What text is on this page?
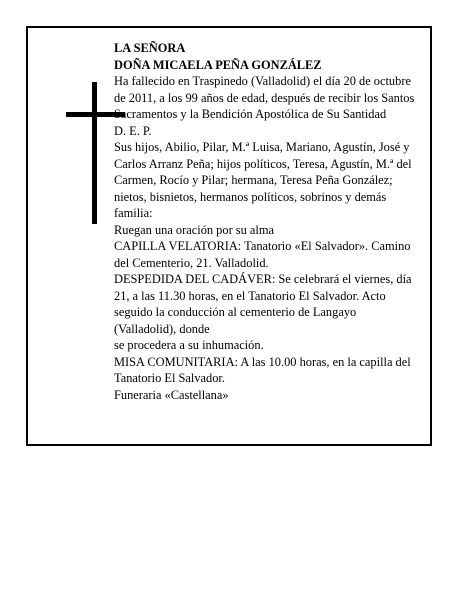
LA SEÑORA

DOÑA MICAELA PEÑA GONZÁLEZ

Ha fallecido en Traspinedo (Valladolid) el día 20 de octubre de 2011, a los 99 años de edad, después de recibir los Santos Sacramentos y la Bendición Apostólica de Su Santidad

D. E. P.

Sus hijos, Abilio, Pilar, M.ª Luisa, Mariano, Agustín, José y Carlos Arranz Peña; hijos políticos, Teresa, Agustín, M.ª del Carmen, Rocío y Pilar; hermana, Teresa Peña González; nietos, bisnietos, hermanos políticos, sobrinos y demás familia:

Ruegan una oración por su alma

CAPILLA VELATORIA: Tanatorio «El Salvador». Camino del Cementerio, 21. Valladolid.

DESPEDIDA DEL CADÁVER: Se celebrará el viernes, día 21, a las 11.30 horas, en el Tanatorio El Salvador. Acto seguido la conducción al cementerio de Langayo (Valladolid), donde

se procedera a su inhumación.

MISA COMUNITARIA: A las 10.00 horas, en la capilla del Tanatorio El Salvador.

Funeraria «Castellana»
